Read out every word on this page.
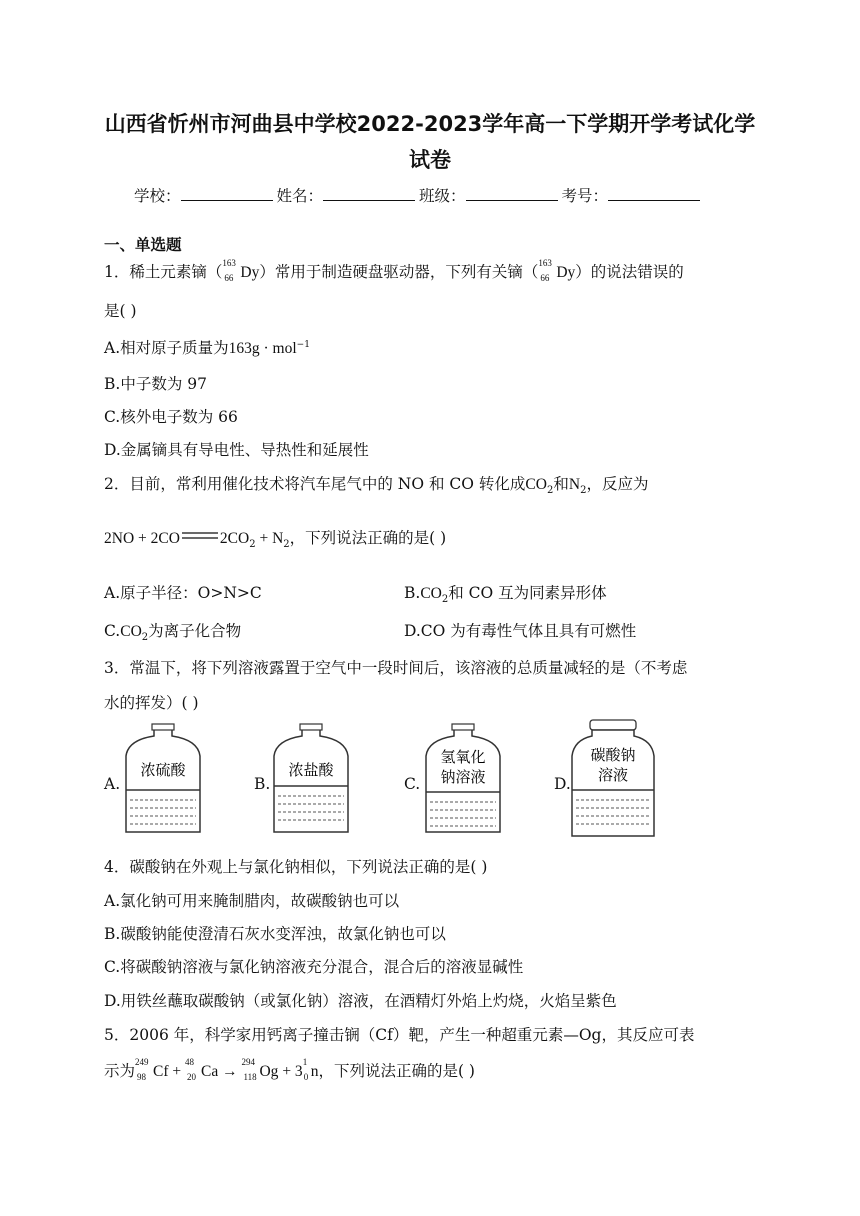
山西省忻州市河曲县中学校2022-2023学年高一下学期开学考试化学
试卷
学校：	姓名：	班级：	考号：
一、单选题
1．稀土元素镝（ 163
66 Dy）常用于制造硬盘驱动器，下列有关镝（ 163
66 Dy）的说法错误的
是( )
A.相对原子质量为163g · mol$^{-1}$
B.中子数为 97
C.核外电子数为 66
D.金属镝具有导电性、导热性和延展性
2．目前，常利用催化技术将汽车尾气中的 NO 和 CO 转化成$CO_2$和$N_2$，反应为
2NO + 2CO	$2CO_2 + N_2$，下列说法正确的是( )
A.原子半径：O>N>C	$B.CO_2$和 CO 互为同素异形体
$C.CO_2$为离子化合物	D.CO 为有毒性气体且具有可燃性
3．常温下，将下列溶液露置于空气中一段时间后，该溶液的总质量减轻的是（不考虑
水的挥发）( )
A.
浓硫酸
B.
浓盐酸
C.
氢氧化
钠溶液	D.
碳酸钠
溶液
4．碳酸钠在外观上与氯化钠相似，下列说法正确的是( )
A.氯化钠可用来腌制腊肉，故碳酸钠也可以
B.碳酸钠能使澄清石灰水变浑浊，故氯化钠也可以
C.将碳酸钠溶液与氯化钠溶液充分混合，混合后的溶液显碱性
D.用铁丝蘸取碳酸钠（或氯化钠）溶液，在酒精灯外焰上灼烧，火焰呈紫色
5．2006 年，科学家用钙离子撞击锎（Cf）靶，产生一种超重元素—Og，其反应可表
示为 249
98 Cf +
48
20 Ca →
294
118 Og + 3
1
0 n，下列说法正确的是( )
